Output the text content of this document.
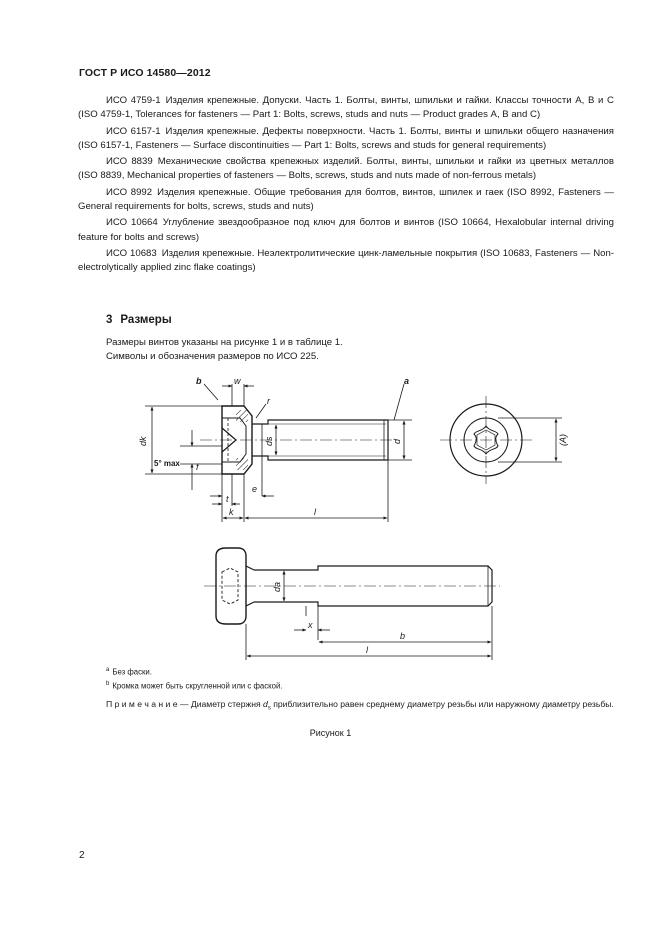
ГОСТ Р ИСО 14580—2012

ИСО 4759-1 Изделия крепежные. Допуски. Часть 1. Болты, винты, шпильки и гайки. Классы точности А, В и С (ISO 4759-1, Tolerances for fasteners — Part 1: Bolts, screws, studs and nuts — Product grades А, В and C)

ИСО 6157-1 Изделия крепежные. Дефекты поверхности. Часть 1. Болты, винты и шпильки общего назначения (ISO 6157-1, Fasteners — Surface discontinuities — Part 1: Bolts, screws and studs for general requirements)

ИСО 8839 Механические свойства крепежных изделий. Болты, винты, шпильки и гайки из цветных металлов (ISO 8839, Mechanical properties of fasteners — Bolts, screws, studs and nuts made of non-ferrous metals)

ИСО 8992 Изделия крепежные. Общие требования для болтов, винтов, шпилек и гаек (ISO 8992, Fasteners — General requirements for bolts, screws, studs and nuts)

ИСО 10664 Углубление звездообразное под ключ для болтов и винтов (ISO 10664, Hexalobular internal driving feature for bolts and screws)

ИСО 10683 Изделия крепежные. Неэлектролитические цинк-ламельные покрытия (ISO 10683, Fasteners — Non-electrolytically applied zinc flake coatings)

3 Размеры
Размеры винтов указаны на рисунке 1 и в таблице 1.
Символы и обозначения размеров по ИСО 225.
b	w	a
r
dk	ds	d
5° max f
e
t
k	l
(A)
da
x
b
l
$^a$ Без фаски.
$^b$ Кромка может быть скругленной или с фаской.
П р и м е ч а н и е — Диаметр стержня $d_s$ приблизительно равен среднему диаметру резьбы или наружному диаметру резьбы.
Рисунок 1
2
